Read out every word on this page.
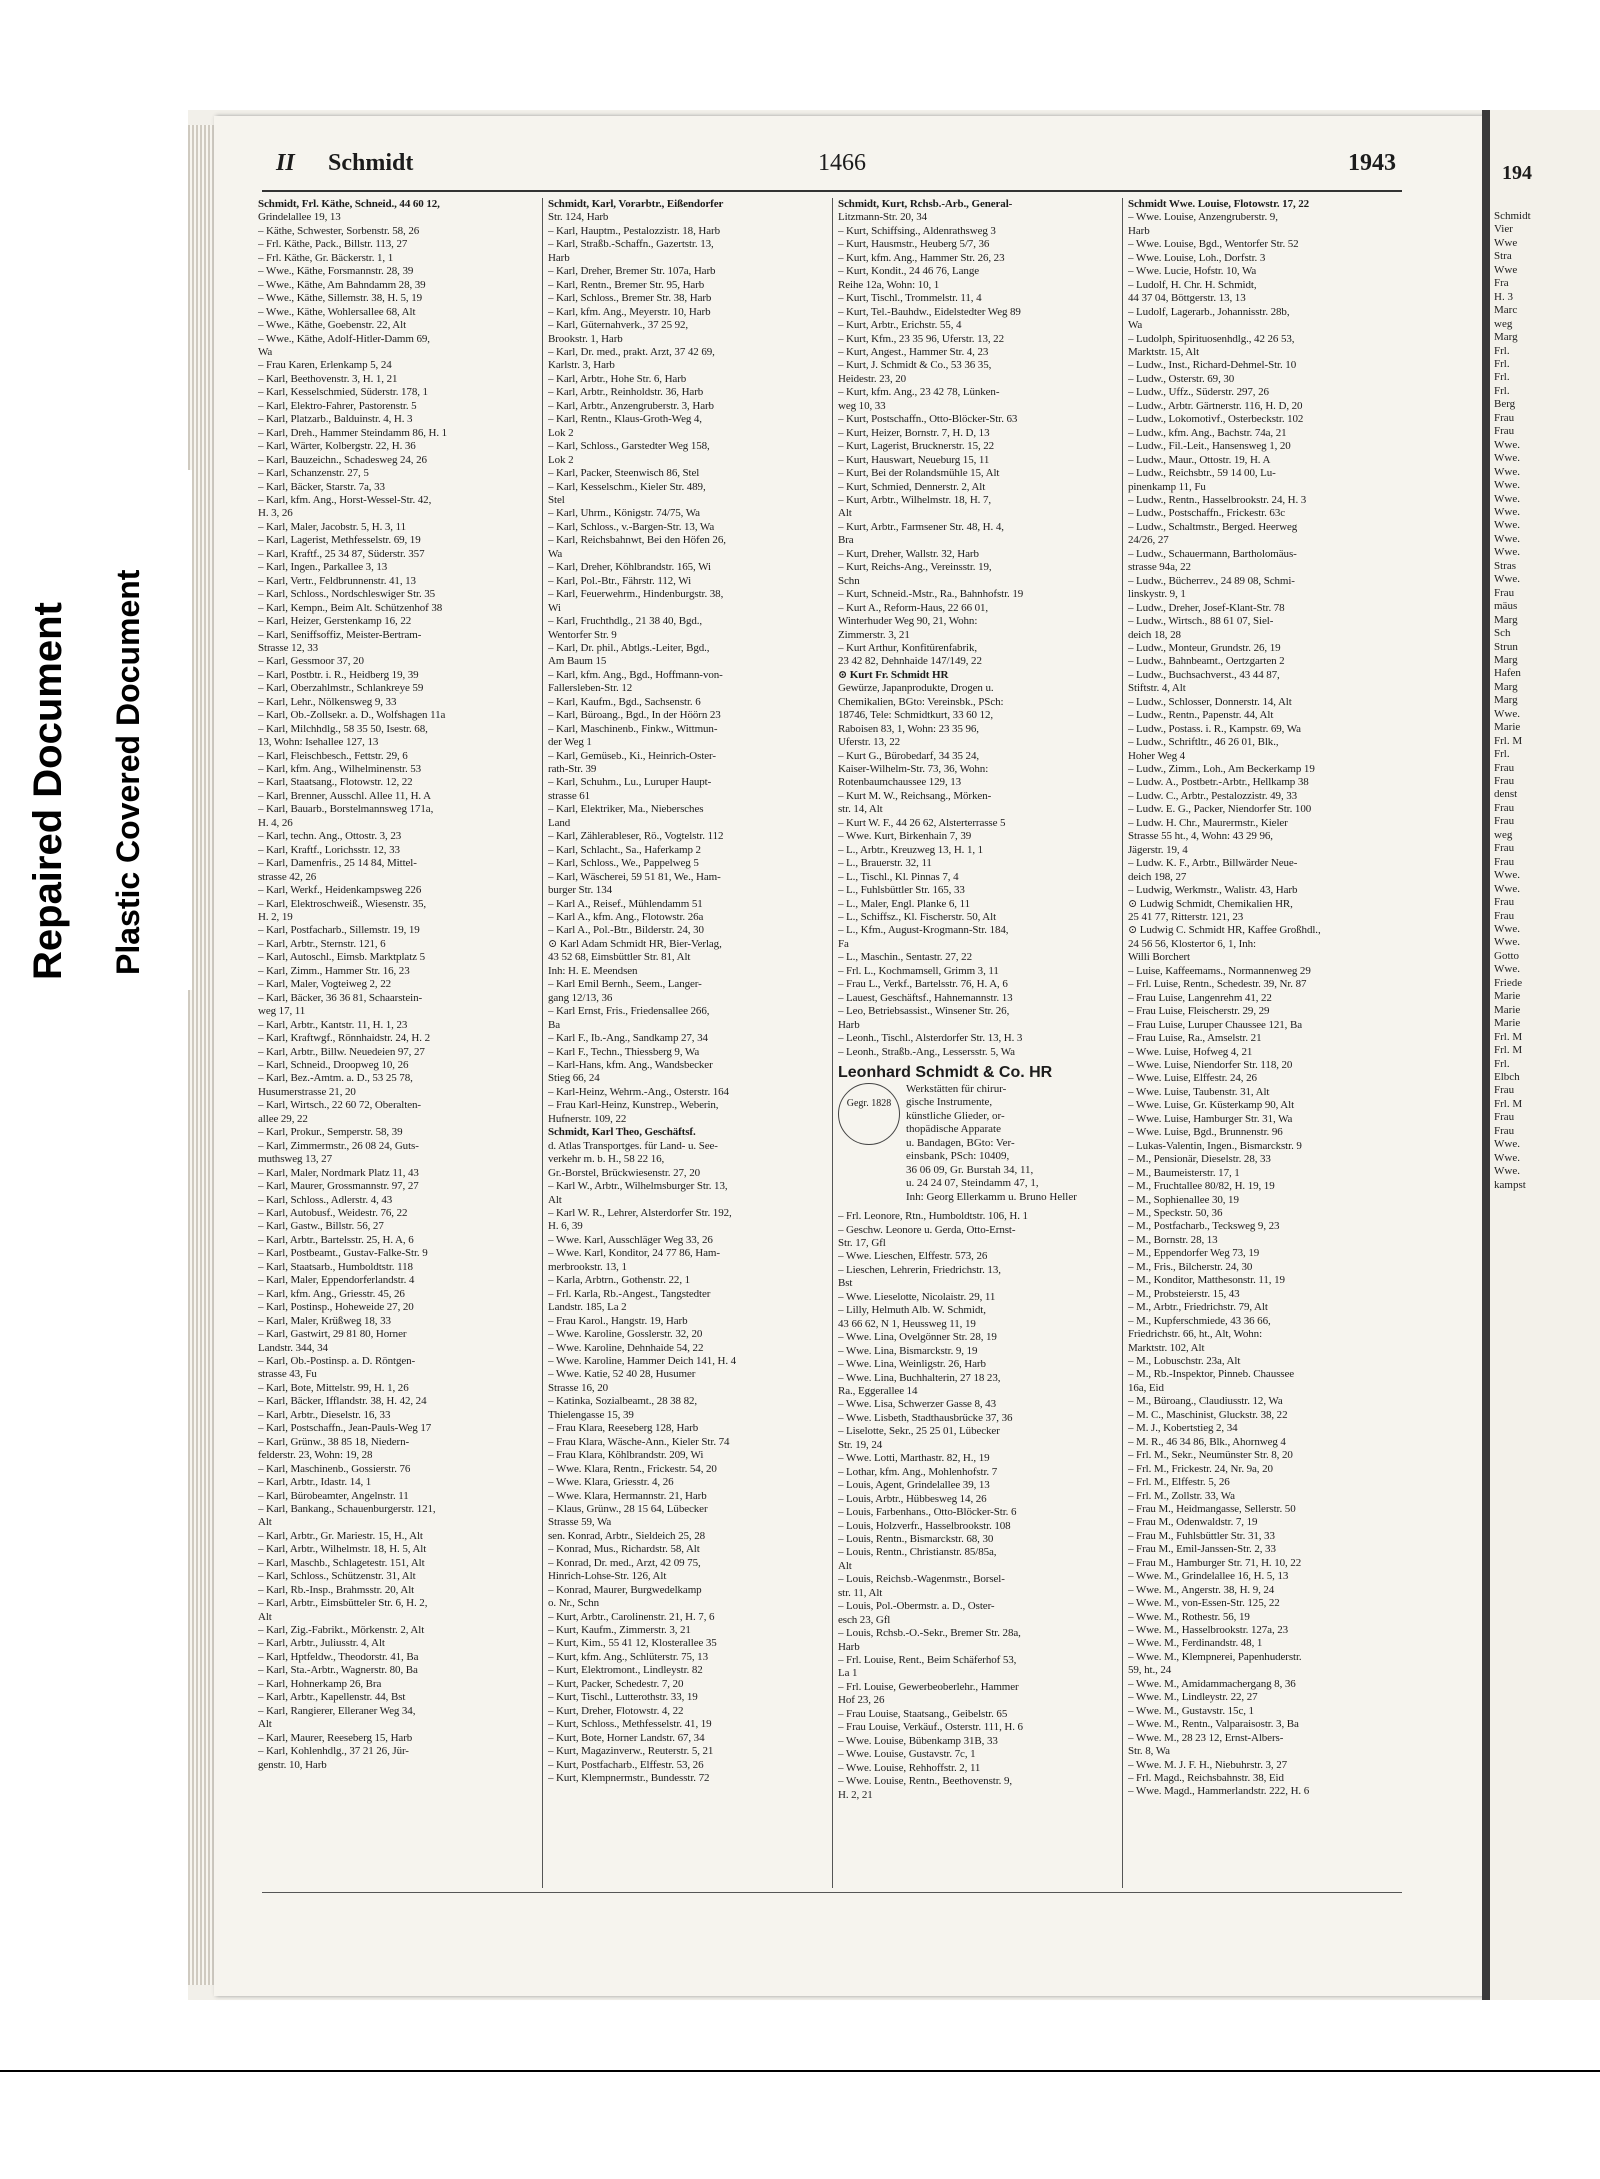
194
Schmidt
Vier
Wwe
Stra
Wwe
Fra
H. 3
Marc
weg
Marg
Frl.
Frl.
Frl.
Frl.
Berg
Frau
Frau
Wwe.
Wwe.
Wwe.
Wwe.
Wwe.
Wwe.
Wwe.
Wwe.
Wwe.
Stras
Wwe.
Frau
mäus
Marg
Sch
Strun
Marg
Hafen
Marg
Marg
Wwe.
Marie
Frl. M
Frl.
Frau
Frau
denst
Frau
Frau
weg
Frau
Frau
Wwe.
Wwe.
Frau
Frau
Wwe.
Wwe.
Gotto
Wwe.
Friede
Marie
Marie
Marie
Frl. M
Frl. M
Frl.
Elbch
Frau
Frl. M
Frau
Frau
Wwe.
Wwe.
Wwe.
kampst
Repaired Document	Plastic Covered Document
II Schmidt	1466	1943
Schmidt, Frl. Käthe, Schneid., 44 60 12,
Grindelallee 19, 13
– Käthe, Schwester, Sorbenstr. 58, 26
– Frl. Käthe, Pack., Billstr. 113, 27
– Frl. Käthe, Gr. Bäckerstr. 1, 1
– Wwe., Käthe, Forsmannstr. 28, 39
– Wwe., Käthe, Am Bahndamm 28, 39
– Wwe., Käthe, Sillemstr. 38, H. 5, 19
– Wwe., Käthe, Wohlersallee 68, Alt
– Wwe., Käthe, Goebenstr. 22, Alt
– Wwe., Käthe, Adolf-Hitler-Damm 69,
Wa
– Frau Karen, Erlenkamp 5, 24
– Karl, Beethovenstr. 3, H. 1, 21
– Karl, Kesselschmied, Süderstr. 178, 1
– Karl, Elektro-Fahrer, Pastorenstr. 5
– Karl, Platzarb., Balduinstr. 4, H. 3
– Karl, Dreh., Hammer Steindamm 86, H. 1
– Karl, Wärter, Kolbergstr. 22, H. 36
– Karl, Bauzeichn., Schadesweg 24, 26
– Karl, Schanzenstr. 27, 5
– Karl, Bäcker, Starstr. 7a, 33
– Karl, kfm. Ang., Horst-Wessel-Str. 42,
H. 3, 26
– Karl, Maler, Jacobstr. 5, H. 3, 11
– Karl, Lagerist, Methfesselstr. 69, 19
– Karl, Kraftf., 25 34 87, Süderstr. 357
– Karl, Ingen., Parkallee 3, 13
– Karl, Vertr., Feldbrunnenstr. 41, 13
– Karl, Schloss., Nordschleswiger Str. 35
– Karl, Kempn., Beim Alt. Schützenhof 38
– Karl, Heizer, Gerstenkamp 16, 22
– Karl, Seniffsoffiz, Meister-Bertram-
Strasse 12, 33
– Karl, Gessmoor 37, 20
– Karl, Postbtr. i. R., Heidberg 19, 39
– Karl, Oberzahlmstr., Schlankreye 59
– Karl, Lehr., Nölkensweg 9, 33
– Karl, Ob.-Zollsekr. a. D., Wolfshagen 11a
– Karl, Milchhdlg., 58 35 50, Isestr. 68,
13, Wohn: Isehallee 127, 13
– Karl, Fleischbesch., Fettstr. 29, 6
– Karl, kfm. Ang., Wilhelminenstr. 53
– Karl, Staatsang., Flotowstr. 12, 22
– Karl, Brenner, Ausschl. Allee 11, H. A
– Karl, Bauarb., Borstelmannsweg 171a,
H. 4, 26
– Karl, techn. Ang., Ottostr. 3, 23
– Karl, Kraftf., Lorichsstr. 12, 33
– Karl, Damenfris., 25 14 84, Mittel-
strasse 42, 26
– Karl, Werkf., Heidenkampsweg 226
– Karl, Elektroschweiß., Wiesenstr. 35,
H. 2, 19
– Karl, Postfacharb., Sillemstr. 19, 19
– Karl, Arbtr., Sternstr. 121, 6
– Karl, Autoschl., Eimsb. Marktplatz 5
– Karl, Zimm., Hammer Str. 16, 23
– Karl, Maler, Vogteiweg 2, 22
– Karl, Bäcker, 36 36 81, Schaarstein-
weg 17, 11
– Karl, Arbtr., Kantstr. 11, H. 1, 23
– Karl, Kraftwgf., Rönnhaidstr. 24, H. 2
– Karl, Arbtr., Billw. Neuedeien 97, 27
– Karl, Schneid., Droopweg 10, 26
– Karl, Bez.-Amtm. a. D., 53 25 78,
Husumerstrasse 21, 20
– Karl, Wirtsch., 22 60 72, Oberalten-
allee 29, 22
– Karl, Prokur., Semperstr. 58, 39
– Karl, Zimmermstr., 26 08 24, Guts-
muthsweg 13, 27
– Karl, Maler, Nordmark Platz 11, 43
– Karl, Maurer, Grossmannstr. 97, 27
– Karl, Schloss., Adlerstr. 4, 43
– Karl, Autobusf., Weidestr. 76, 22
– Karl, Gastw., Billstr. 56, 27
– Karl, Arbtr., Bartelsstr. 25, H. A, 6
– Karl, Postbeamt., Gustav-Falke-Str. 9
– Karl, Staatsarb., Humboldtstr. 118
– Karl, Maler, Eppendorferlandstr. 4
– Karl, kfm. Ang., Griesstr. 45, 26
– Karl, Postinsp., Hoheweide 27, 20
– Karl, Maler, Krüßweg 18, 33
– Karl, Gastwirt, 29 81 80, Horner
Landstr. 344, 34
– Karl, Ob.-Postinsp. a. D. Röntgen-
strasse 43, Fu
– Karl, Bote, Mittelstr. 99, H. 1, 26
– Karl, Bäcker, Ifflandstr. 38, H. 42, 24
– Karl, Arbtr., Dieselstr. 16, 33
– Karl, Postschaffn., Jean-Pauls-Weg 17
– Karl, Grünw., 38 85 18, Niedern-
felderstr. 23, Wohn: 19, 28
– Karl, Maschinenb., Gossierstr. 76
– Karl, Arbtr., Idastr. 14, 1
– Karl, Bürobeamter, Angelnstr. 11
– Karl, Bankang., Schauenburgerstr. 121,
Alt
– Karl, Arbtr., Gr. Mariestr. 15, H., Alt
– Karl, Arbtr., Wilhelmstr. 18, H. 5, Alt
– Karl, Maschb., Schlagetestr. 151, Alt
– Karl, Schloss., Schützenstr. 31, Alt
– Karl, Rb.-Insp., Brahmsstr. 20, Alt
– Karl, Arbtr., Eimsbütteler Str. 6, H. 2,
Alt
– Karl, Zig.-Fabrikt., Mörkenstr. 2, Alt
– Karl, Arbtr., Juliusstr. 4, Alt
– Karl, Hptfeldw., Theodorstr. 41, Ba
– Karl, Sta.-Arbtr., Wagnerstr. 80, Ba
– Karl, Hohnerkamp 26, Bra
– Karl, Arbtr., Kapellenstr. 44, Bst
– Karl, Rangierer, Elleraner Weg 34,
Alt
– Karl, Maurer, Reeseberg 15, Harb
– Karl, Kohlenhdlg., 37 21 26, Jür-
genstr. 10, Harb
Schmidt, Karl, Vorarbtr., Eißendorfer
Str. 124, Harb
– Karl, Hauptm., Pestalozzistr. 18, Harb
– Karl, Straßb.-Schaffn., Gazertstr. 13,
Harb
– Karl, Dreher, Bremer Str. 107a, Harb
– Karl, Rentn., Bremer Str. 95, Harb
– Karl, Schloss., Bremer Str. 38, Harb
– Karl, kfm. Ang., Meyerstr. 10, Harb
– Karl, Güternahverk., 37 25 92,
Brookstr. 1, Harb
– Karl, Dr. med., prakt. Arzt, 37 42 69,
Karlstr. 3, Harb
– Karl, Arbtr., Hohe Str. 6, Harb
– Karl, Arbtr., Reinholdstr. 36, Harb
– Karl, Arbtr., Anzengruberstr. 3, Harb
– Karl, Rentn., Klaus-Groth-Weg 4,
Lok 2
– Karl, Schloss., Garstedter Weg 158,
Lok 2
– Karl, Packer, Steenwisch 86, Stel
– Karl, Kesselschm., Kieler Str. 489,
Stel
– Karl, Uhrm., Königstr. 74/75, Wa
– Karl, Schloss., v.-Bargen-Str. 13, Wa
– Karl, Reichsbahnwt, Bei den Höfen 26,
Wa
– Karl, Dreher, Köhlbrandstr. 165, Wi
– Karl, Pol.-Btr., Fährstr. 112, Wi
– Karl, Feuerwehrm., Hindenburgstr. 38,
Wi
– Karl, Fruchthdlg., 21 38 40, Bgd.,
Wentorfer Str. 9
– Karl, Dr. phil., Abtlgs.-Leiter, Bgd.,
Am Baum 15
– Karl, kfm. Ang., Bgd., Hoffmann-von-
Fallersleben-Str. 12
– Karl, Kaufm., Bgd., Sachsenstr. 6
– Karl, Büroang., Bgd., In der Höörn 23
– Karl, Maschinenb., Finkw., Wittmun-
der Weg 1
– Karl, Gemüseb., Ki., Heinrich-Oster-
rath-Str. 39
– Karl, Schuhm., Lu., Luruper Haupt-
strasse 61
– Karl, Elektriker, Ma., Niebersches
Land
– Karl, Zählerableser, Rö., Vogtelstr. 112
– Karl, Schlacht., Sa., Haferkamp 2
– Karl, Schloss., We., Pappelweg 5
– Karl, Wäscherei, 59 51 81, We., Ham-
burger Str. 134
– Karl A., Reisef., Mühlendamm 51
– Karl A., kfm. Ang., Flotowstr. 26a
– Karl A., Pol.-Btr., Bilderstr. 24, 30
⊙ Karl Adam Schmidt HR, Bier-Verlag,
43 52 68, Eimsbüttler Str. 81, Alt
Inh: H. E. Meendsen
– Karl Emil Bernh., Seem., Langer-
gang 12/13, 36
– Karl Ernst, Fris., Friedensallee 266,
Ba
– Karl F., Ib.-Ang., Sandkamp 27, 34
– Karl F., Techn., Thiessberg 9, Wa
– Karl-Hans, kfm. Ang., Wandsbecker
Stieg 66, 24
– Karl-Heinz, Wehrm.-Ang., Osterstr. 164
– Frau Karl-Heinz, Kunstrep., Weberin,
Hufnerstr. 109, 22
Schmidt, Karl Theo, Geschäftsf.
d. Atlas Transportges. für Land- u. See-
verkehr m. b. H., 58 22 16,
Gr.-Borstel, Brückwiesenstr. 27, 20
– Karl W., Arbtr., Wilhelmsburger Str. 13,
Alt
– Karl W. R., Lehrer, Alsterdorfer Str. 192,
H. 6, 39
– Wwe. Karl, Ausschläger Weg 33, 26
– Wwe. Karl, Konditor, 24 77 86, Ham-
merbrookstr. 13, 1
– Karla, Arbtrn., Gothenstr. 22, 1
– Frl. Karla, Rb.-Angest., Tangstedter
Landstr. 185, La 2
– Frau Karol., Hangstr. 19, Harb
– Wwe. Karoline, Gosslerstr. 32, 20
– Wwe. Karoline, Dehnhaide 54, 22
– Wwe. Karoline, Hammer Deich 141, H. 4
– Wwe. Katie, 52 40 28, Husumer
Strasse 16, 20
– Katinka, Sozialbeamt., 28 38 82,
Thielengasse 15, 39
– Frau Klara, Reeseberg 128, Harb
– Frau Klara, Wäsche-Ann., Kieler Str. 74
– Frau Klara, Köhlbrandstr. 209, Wi
– Wwe. Klara, Rentn., Frickestr. 54, 20
– Wwe. Klara, Griesstr. 4, 26
– Wwe. Klara, Hermannstr. 21, Harb
– Klaus, Grünw., 28 15 64, Lübecker
Strasse 59, Wa
sen. Konrad, Arbtr., Sieldeich 25, 28
– Konrad, Mus., Richardstr. 58, Alt
– Konrad, Dr. med., Arzt, 42 09 75,
Hinrich-Lohse-Str. 126, Alt
– Konrad, Maurer, Burgwedelkamp
o. Nr., Schn
– Kurt, Arbtr., Carolinenstr. 21, H. 7, 6
– Kurt, Kaufm., Zimmerstr. 3, 21
– Kurt, Kim., 55 41 12, Klosterallee 35
– Kurt, kfm. Ang., Schlüterstr. 75, 13
– Kurt, Elektromont., Lindleystr. 82
– Kurt, Packer, Schedestr. 7, 20
– Kurt, Tischl., Lutterothstr. 33, 19
– Kurt, Dreher, Flotowstr. 4, 22
– Kurt, Schloss., Methfesselstr. 41, 19
– Kurt, Bote, Horner Landstr. 67, 34
– Kurt, Magazinverw., Reuterstr. 5, 21
– Kurt, Postfacharb., Elffestr. 53, 26
– Kurt, Klempnermstr., Bundesstr. 72
Schmidt, Kurt, Rchsb.-Arb., General-
Litzmann-Str. 20, 34
– Kurt, Schiffsing., Aldenrathsweg 3
– Kurt, Hausmstr., Heuberg 5/7, 36
– Kurt, kfm. Ang., Hammer Str. 26, 23
– Kurt, Kondit., 24 46 76, Lange
Reihe 12a, Wohn: 10, 1
– Kurt, Tischl., Trommelstr. 11, 4
– Kurt, Tel.-Bauhdw., Eidelstedter Weg 89
– Kurt, Arbtr., Erichstr. 55, 4
– Kurt, Kfm., 23 35 96, Uferstr. 13, 22
– Kurt, Angest., Hammer Str. 4, 23
– Kurt, J. Schmidt & Co., 53 36 35,
Heidestr. 23, 20
– Kurt, kfm. Ang., 23 42 78, Lünken-
weg 10, 33
– Kurt, Postschaffn., Otto-Blöcker-Str. 63
– Kurt, Heizer, Bornstr. 7, H. D, 13
– Kurt, Lagerist, Brucknerstr. 15, 22
– Kurt, Hauswart, Neueburg 15, 11
– Kurt, Bei der Rolandsmühle 15, Alt
– Kurt, Schmied, Dennerstr. 2, Alt
– Kurt, Arbtr., Wilhelmstr. 18, H. 7,
Alt
– Kurt, Arbtr., Farmsener Str. 48, H. 4,
Bra
– Kurt, Dreher, Wallstr. 32, Harb
– Kurt, Reichs-Ang., Vereinsstr. 19,
Schn
– Kurt, Schneid.-Mstr., Ra., Bahnhofstr. 19
– Kurt A., Reform-Haus, 22 66 01,
Winterhuder Weg 90, 21, Wohn:
Zimmerstr. 3, 21
– Kurt Arthur, Konfitürenfabrik,
23 42 82, Dehnhaide 147/149, 22
⊙ Kurt Fr. Schmidt HR
Gewürze, Japanprodukte, Drogen u.
Chemikalien, BGto: Vereinsbk., PSch:
18746, Tele: Schmidtkurt, 33 60 12,
Raboisen 83, 1, Wohn: 23 35 96,
Uferstr. 13, 22
– Kurt G., Bürobedarf, 34 35 24,
Kaiser-Wilhelm-Str. 73, 36, Wohn:
Rotenbaumchaussee 129, 13
– Kurt M. W., Reichsang., Mörken-
str. 14, Alt
– Kurt W. F., 44 26 62, Alsterterrasse 5
– Wwe. Kurt, Birkenhain 7, 39
– L., Arbtr., Kreuzweg 13, H. 1, 1
– L., Brauerstr. 32, 11
– L., Tischl., Kl. Pinnas 7, 4
– L., Fuhlsbüttler Str. 165, 33
– L., Maler, Engl. Planke 6, 11
– L., Schiffsz., Kl. Fischerstr. 50, Alt
– L., Kfm., August-Krogmann-Str. 184,
Fa
– L., Maschin., Sentastr. 27, 22
– Frl. L., Kochmamsell, Grimm 3, 11
– Frau L., Verkf., Bartelsstr. 76, H. A, 6
– Lauest, Geschäftsf., Hahnemannstr. 13
– Leo, Betriebsassist., Winsener Str. 26,
Harb
– Leonh., Tischl., Alsterdorfer Str. 13, H. 3
– Leonh., Straßb.-Ang., Lessersstr. 5, Wa
Leonhard Schmidt & Co. HR
Gegr. 1828
Werkstätten für chirur-
gische Instrumente,
künstliche Glieder, or-
thopädische Apparate
u. Bandagen, BGto: Ver-
einsbank, PSch: 10409,
36 06 09, Gr. Burstah 34, 11,
u. 24 24 07, Steindamm 47, 1,
Inh: Georg Ellerkamm u. Bruno Heller
– Frl. Leonore, Rtn., Humboldtstr. 106, H. 1
– Geschw. Leonore u. Gerda, Otto-Ernst-
Str. 17, Gfl
– Wwe. Lieschen, Elffestr. 573, 26
– Lieschen, Lehrerin, Friedrichstr. 13,
Bst
– Wwe. Lieselotte, Nicolaistr. 29, 11
– Lilly, Helmuth Alb. W. Schmidt,
43 66 62, N 1, Heussweg 11, 19
– Wwe. Lina, Ovelgönner Str. 28, 19
– Wwe. Lina, Bismarckstr. 9, 19
– Wwe. Lina, Weinligstr. 26, Harb
– Wwe. Lina, Buchhalterin, 27 18 23,
Ra., Eggerallee 14
– Wwe. Lisa, Schwerzer Gasse 8, 43
– Wwe. Lisbeth, Stadthausbrücke 37, 36
– Liselotte, Sekr., 25 25 01, Lübecker
Str. 19, 24
– Wwe. Lotti, Marthastr. 82, H., 19
– Lothar, kfm. Ang., Mohlenhofstr. 7
– Louis, Agent, Grindelallee 39, 13
– Louis, Arbtr., Hübbesweg 14, 26
– Louis, Farbenhans., Otto-Blöcker-Str. 6
– Louis, Holzverfr., Hasselbrookstr. 108
– Louis, Rentn., Bismarckstr. 68, 30
– Louis, Rentn., Christianstr. 85/85a,
Alt
– Louis, Reichsb.-Wagenmstr., Borsel-
str. 11, Alt
– Louis, Pol.-Obermstr. a. D., Oster-
esch 23, Gfl
– Louis, Rchsb.-O.-Sekr., Bremer Str. 28a,
Harb
– Frl. Louise, Rent., Beim Schäferhof 53,
La 1
– Frl. Louise, Gewerbeoberlehr., Hammer
Hof 23, 26
– Frau Louise, Staatsang., Geibelstr. 65
– Frau Louise, Verkäuf., Osterstr. 111, H. 6
– Wwe. Louise, Bübenkamp 31B, 33
– Wwe. Louise, Gustavstr. 7c, 1
– Wwe. Louise, Rehhoffstr. 2, 11
– Wwe. Louise, Rentn., Beethovenstr. 9,
H. 2, 21
Schmidt Wwe. Louise, Flotowstr. 17, 22
– Wwe. Louise, Anzengruberstr. 9,
Harb
– Wwe. Louise, Bgd., Wentorfer Str. 52
– Wwe. Louise, Loh., Dorfstr. 3
– Wwe. Lucie, Hofstr. 10, Wa
– Ludolf, H. Chr. H. Schmidt,
44 37 04, Böttgerstr. 13, 13
– Ludolf, Lagerarb., Johannisstr. 28b,
Wa
– Ludolph, Spirituosenhdlg., 42 26 53,
Marktstr. 15, Alt
– Ludw., Inst., Richard-Dehmel-Str. 10
– Ludw., Osterstr. 69, 30
– Ludw., Uffz., Süderstr. 297, 26
– Ludw., Arbtr. Gärtnerstr. 116, H. D, 20
– Ludw., Lokomotivf., Osterbeckstr. 102
– Ludw., kfm. Ang., Bachstr. 74a, 21
– Ludw., Fil.-Leit., Hansensweg 1, 20
– Ludw., Maur., Ottostr. 19, H. A
– Ludw., Reichsbtr., 59 14 00, Lu-
pinenkamp 11, Fu
– Ludw., Rentn., Hasselbrookstr. 24, H. 3
– Ludw., Postschaffn., Frickestr. 63c
– Ludw., Schaltmstr., Berged. Heerweg
24/26, 27
– Ludw., Schauermann, Bartholomäus-
strasse 94a, 22
– Ludw., Bücherrev., 24 89 08, Schmi-
linskystr. 9, 1
– Ludw., Dreher, Josef-Klant-Str. 78
– Ludw., Wirtsch., 88 61 07, Siel-
deich 18, 28
– Ludw., Monteur, Grundstr. 26, 19
– Ludw., Bahnbeamt., Oertzgarten 2
– Ludw., Buchsachverst., 43 44 87,
Stiftstr. 4, Alt
– Ludw., Schlosser, Donnerstr. 14, Alt
– Ludw., Rentn., Papenstr. 44, Alt
– Ludw., Postass. i. R., Kampstr. 69, Wa
– Ludw., Schriftltr., 46 26 01, Blk.,
Hoher Weg 4
– Ludw., Zimm., Loh., Am Beckerkamp 19
– Ludw. A., Postbetr.-Arbtr., Hellkamp 38
– Ludw. C., Arbtr., Pestalozzistr. 49, 33
– Ludw. E. G., Packer, Niendorfer Str. 100
– Ludw. H. Chr., Maurermstr., Kieler
Strasse 55 ht., 4, Wohn: 43 29 96,
Jägerstr. 19, 4
– Ludw. K. F., Arbtr., Billwärder Neue-
deich 198, 27
– Ludwig, Werkmstr., Walistr. 43, Harb
⊙ Ludwig Schmidt, Chemikalien HR,
25 41 77, Ritterstr. 121, 23
⊙ Ludwig C. Schmidt HR, Kaffee Großhdl.,
24 56 56, Klostertor 6, 1, Inh:
Willi Borchert
– Luise, Kaffeemams., Normannenweg 29
– Frl. Luise, Rentn., Schedestr. 39, Nr. 87
– Frau Luise, Langenrehm 41, 22
– Frau Luise, Fleischerstr. 29, 29
– Frau Luise, Luruper Chaussee 121, Ba
– Frau Luise, Ra., Amselstr. 21
– Wwe. Luise, Hofweg 4, 21
– Wwe. Luise, Niendorfer Str. 118, 20
– Wwe. Luise, Elffestr. 24, 26
– Wwe. Luise, Taubenstr. 31, Alt
– Wwe. Luise, Gr. Küsterkamp 90, Alt
– Wwe. Luise, Hamburger Str. 31, Wa
– Wwe. Luise, Bgd., Brunnenstr. 96
– Lukas-Valentin, Ingen., Bismarckstr. 9
– M., Pensionär, Dieselstr. 28, 33
– M., Baumeisterstr. 17, 1
– M., Fruchtallee 80/82, H. 19, 19
– M., Sophienallee 30, 19
– M., Speckstr. 50, 36
– M., Postfacharb., Tecksweg 9, 23
– M., Bornstr. 28, 13
– M., Eppendorfer Weg 73, 19
– M., Fris., Bilcherstr. 24, 30
– M., Konditor, Matthesonstr. 11, 19
– M., Probsteierstr. 15, 43
– M., Arbtr., Friedrichstr. 79, Alt
– M., Kupferschmiede, 43 36 66,
Friedrichstr. 66, ht., Alt, Wohn:
Marktstr. 102, Alt
– M., Lobuschstr. 23a, Alt
– M., Rb.-Inspektor, Pinneb. Chaussee
16a, Eid
– M., Büroang., Claudiusstr. 12, Wa
– M. C., Maschinist, Gluckstr. 38, 22
– M. J., Kobertstieg 2, 34
– M. R., 46 34 86, Blk., Ahornweg 4
– Frl. M., Sekr., Neumünster Str. 8, 20
– Frl. M., Frickestr. 24, Nr. 9a, 20
– Frl. M., Elffestr. 5, 26
– Frl. M., Zollstr. 33, Wa
– Frau M., Heidmangasse, Sellerstr. 50
– Frau M., Odenwaldstr. 7, 19
– Frau M., Fuhlsbüttler Str. 31, 33
– Frau M., Emil-Janssen-Str. 2, 33
– Frau M., Hamburger Str. 71, H. 10, 22
– Wwe. M., Grindelallee 16, H. 5, 13
– Wwe. M., Angerstr. 38, H. 9, 24
– Wwe. M., von-Essen-Str. 125, 22
– Wwe. M., Rothestr. 56, 19
– Wwe. M., Hasselbrookstr. 127a, 23
– Wwe. M., Ferdinandstr. 48, 1
– Wwe. M., Klempnerei, Papenhuderstr.
59, ht., 24
– Wwe. M., Amidammachergang 8, 36
– Wwe. M., Lindleystr. 22, 27
– Wwe. M., Gustavstr. 15c, 1
– Wwe. M., Rentn., Valparaisostr. 3, Ba
– Wwe. M., 28 23 12, Ernst-Albers-
Str. 8, Wa
– Wwe. M. J. F. H., Niebuhrstr. 3, 27
– Frl. Magd., Reichsbahnstr. 38, Eid
– Wwe. Magd., Hammerlandstr. 222, H. 6
